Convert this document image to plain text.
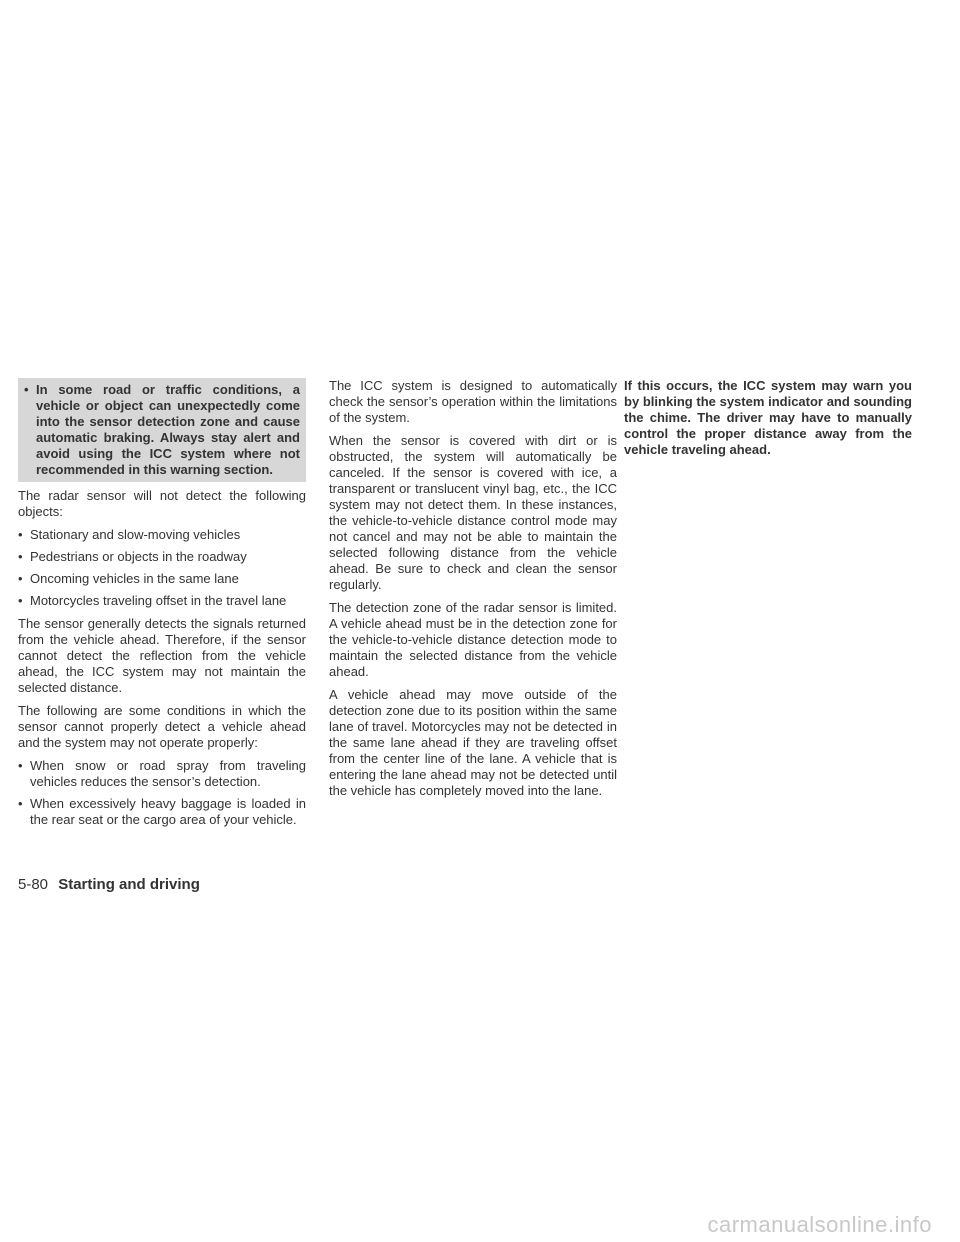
• In some road or traffic conditions, a vehicle or object can unexpectedly come into the sensor detection zone and cause automatic braking. Always stay alert and avoid using the ICC system where not recommended in this warning section.

The radar sensor will not detect the following objects:

• Stationary and slow-moving vehicles
• Pedestrians or objects in the roadway
• Oncoming vehicles in the same lane
• Motorcycles traveling offset in the travel lane

The sensor generally detects the signals returned from the vehicle ahead. Therefore, if the sensor cannot detect the reflection from the vehicle ahead, the ICC system may not maintain the selected distance.

The following are some conditions in which the sensor cannot properly detect a vehicle ahead and the system may not operate properly:

• When snow or road spray from traveling vehicles reduces the sensor’s detection.
• When excessively heavy baggage is loaded in the rear seat or the cargo area of your vehicle.

The ICC system is designed to automatically check the sensor’s operation within the limitations of the system.

When the sensor is covered with dirt or is obstructed, the system will automatically be canceled. If the sensor is covered with ice, a transparent or translucent vinyl bag, etc., the ICC system may not detect them. In these instances, the vehicle-to-vehicle distance control mode may not cancel and may not be able to maintain the selected following distance from the vehicle ahead. Be sure to check and clean the sensor regularly.

The detection zone of the radar sensor is limited. A vehicle ahead must be in the detection zone for the vehicle-to-vehicle distance detection mode to maintain the selected distance from the vehicle ahead.

A vehicle ahead may move outside of the detection zone due to its position within the same lane of travel. Motorcycles may not be detected in the same lane ahead if they are traveling offset from the center line of the lane. A vehicle that is entering the lane ahead may not be detected until the vehicle has completely moved into the lane.

If this occurs, the ICC system may warn you by blinking the system indicator and sounding the chime. The driver may have to manually control the proper distance away from the vehicle traveling ahead.

5-80 Starting and driving
carmanualsonline.info
